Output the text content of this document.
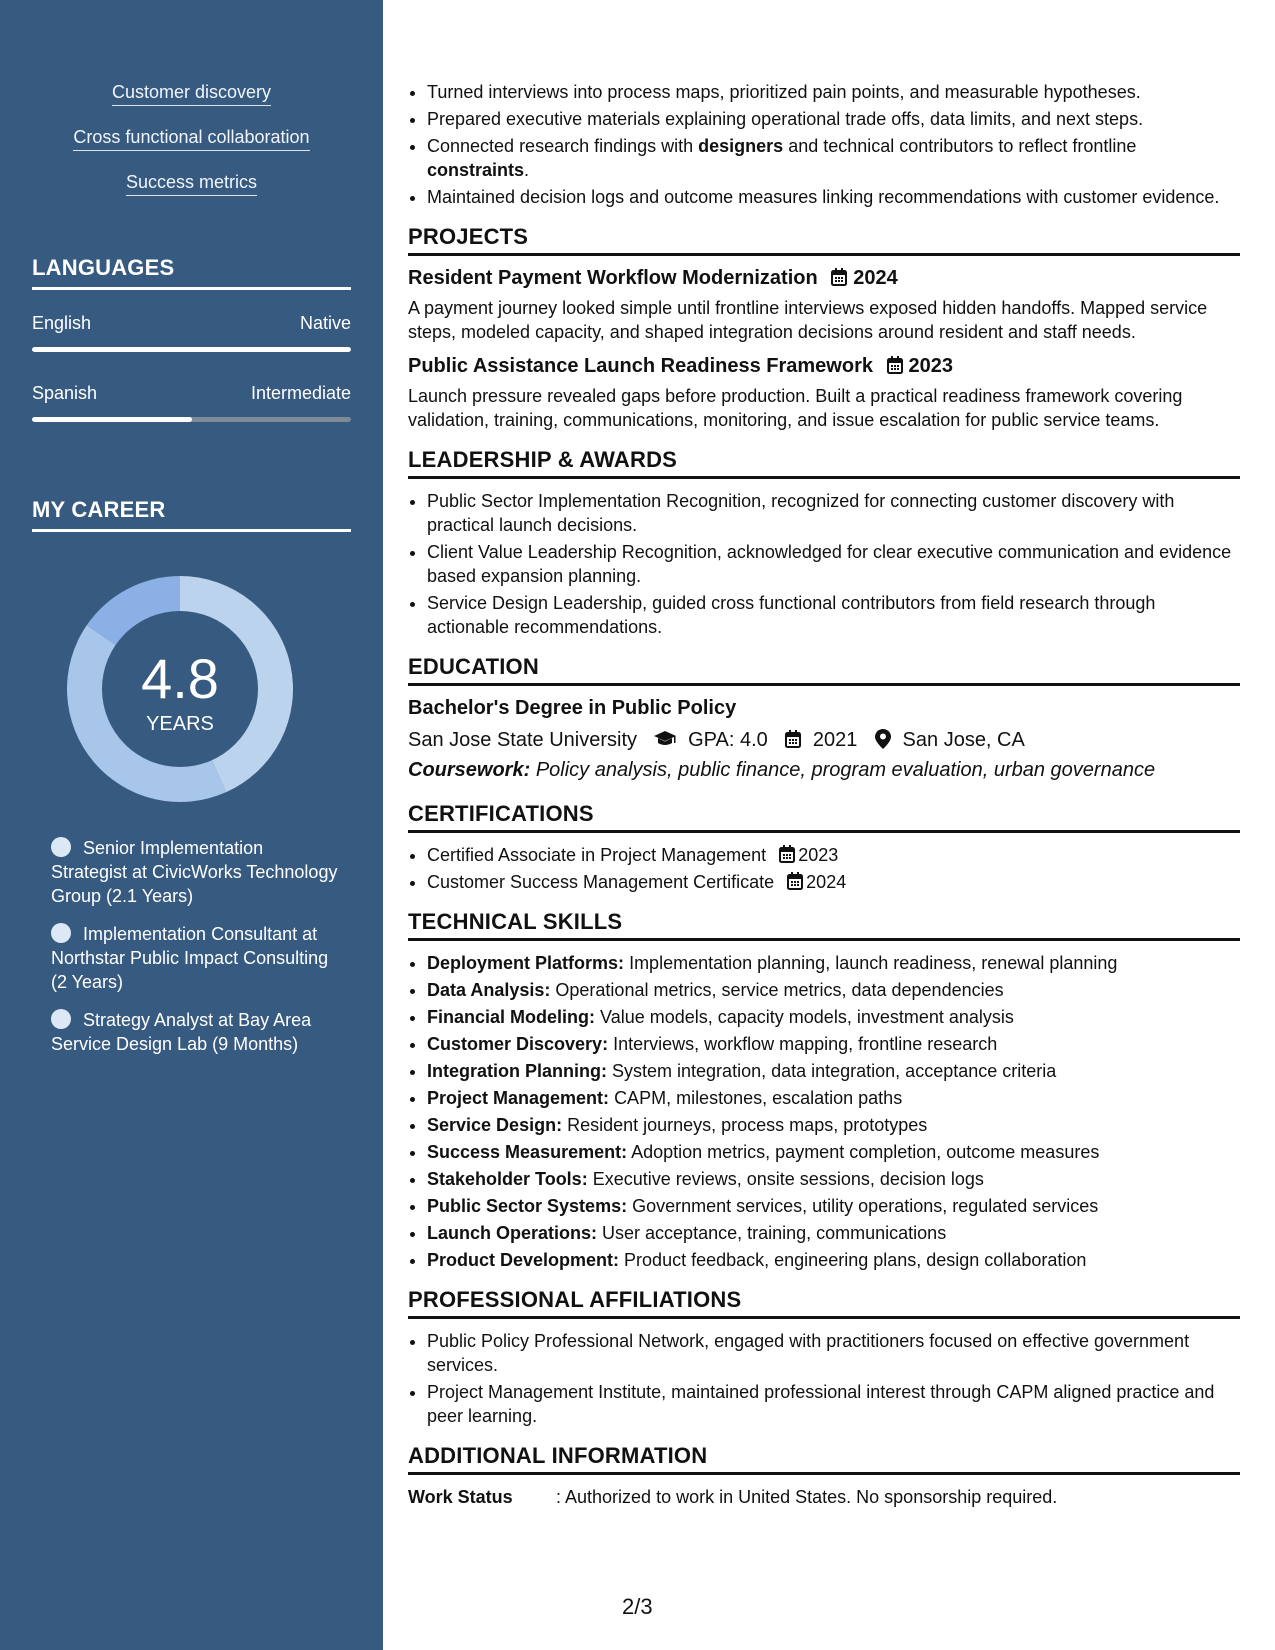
Customer discovery
Cross functional collaboration
Success metrics
LANGUAGES
English	Native
Spanish	Intermediate
MY CAREER
4.8
YEARS
Senior Implementation Strategist at CivicWorks Technology Group (2.1 Years)
Implementation Consultant at Northstar Public Impact Consulting (2 Years)
Strategy Analyst at Bay Area Service Design Lab (9 Months)
• Turned interviews into process maps, prioritized pain points, and measurable hypotheses.
• Prepared executive materials explaining operational trade offs, data limits, and next steps.
• Connected research findings with designers and technical contributors to reflect frontline constraints.
• Maintained decision logs and outcome measures linking recommendations with customer evidence.
PROJECTS
Resident Payment Workflow Modernization 2024
A payment journey looked simple until frontline interviews exposed hidden handoffs. Mapped service steps, modeled capacity, and shaped integration decisions around resident and staff needs.
Public Assistance Launch Readiness Framework 2023
Launch pressure revealed gaps before production. Built a practical readiness framework covering validation, training, communications, monitoring, and issue escalation for public service teams.
LEADERSHIP & AWARDS
• Public Sector Implementation Recognition, recognized for connecting customer discovery with practical launch decisions.
• Client Value Leadership Recognition, acknowledged for clear executive communication and evidence based expansion planning.
• Service Design Leadership, guided cross functional contributors from field research through actionable recommendations.
EDUCATION
Bachelor's Degree in Public Policy
San Jose State University	GPA: 4.0 2021 San Jose, CA
Coursework: Policy analysis, public finance, program evaluation, urban governance
CERTIFICATIONS
• Certified Associate in Project Management 2023
• Customer Success Management Certificate 2024
TECHNICAL SKILLS
• Deployment Platforms: Implementation planning, launch readiness, renewal planning
• Data Analysis: Operational metrics, service metrics, data dependencies
• Financial Modeling: Value models, capacity models, investment analysis
• Customer Discovery: Interviews, workflow mapping, frontline research
• Integration Planning: System integration, data integration, acceptance criteria
• Project Management: CAPM, milestones, escalation paths
• Service Design: Resident journeys, process maps, prototypes
• Success Measurement: Adoption metrics, payment completion, outcome measures
• Stakeholder Tools: Executive reviews, onsite sessions, decision logs
• Public Sector Systems: Government services, utility operations, regulated services
• Launch Operations: User acceptance, training, communications
• Product Development: Product feedback, engineering plans, design collaboration
PROFESSIONAL AFFILIATIONS
• Public Policy Professional Network, engaged with practitioners focused on effective government services.
• Project Management Institute, maintained professional interest through CAPM aligned practice and peer learning.
ADDITIONAL INFORMATION
Work Status : Authorized to work in United States. No sponsorship required.
2/3
